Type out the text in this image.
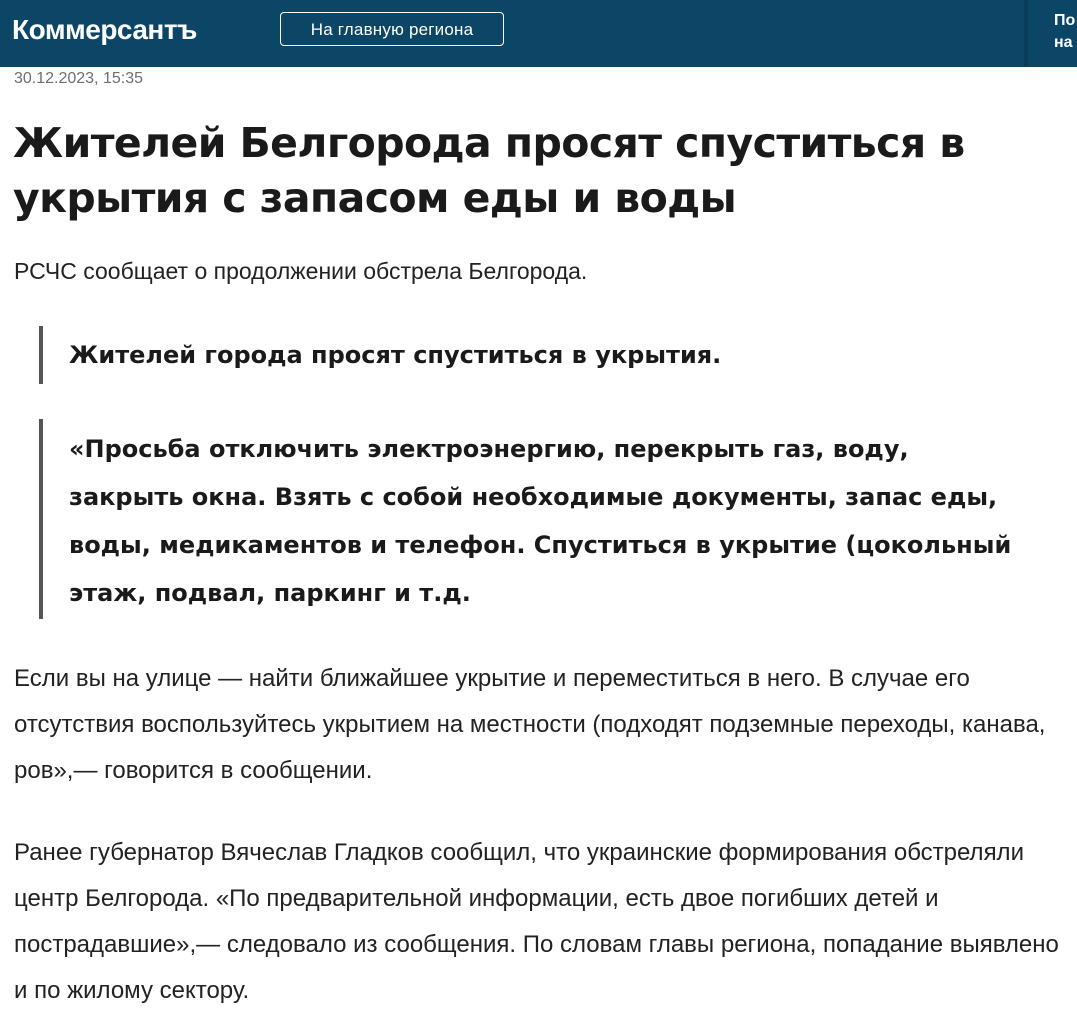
Коммерсантъ	На главную региона	По на
30.12.2023, 15:35
Жителей Белгорода просят спуститься в укрытия с запасом еды и воды
РСЧС сообщает о продолжении обстрела Белгорода.
Жителей города просят спуститься в укрытия.
«Просьба отключить электроэнергию, перекрыть газ, воду, закрыть окна. Взять с собой необходимые документы, запас еды, воды, медикаментов и телефон. Спуститься в укрытие (цокольный этаж, подвал, паркинг и т.д.

Если вы на улице — найти ближайшее укрытие и переместиться в него. В случае его отсутствия воспользуйтесь укрытием на местности (подходят подземные переходы, канава, ров»,— говорится в сообщении.

Ранее губернатор Вячеслав Гладков сообщил, что украинские формирования обстреляли центр Белгорода. «По предварительной информации, есть двое погибших детей и пострадавшие»,— следовало из сообщения. По словам главы региона, попадание выявлено и по жилому сектору.
